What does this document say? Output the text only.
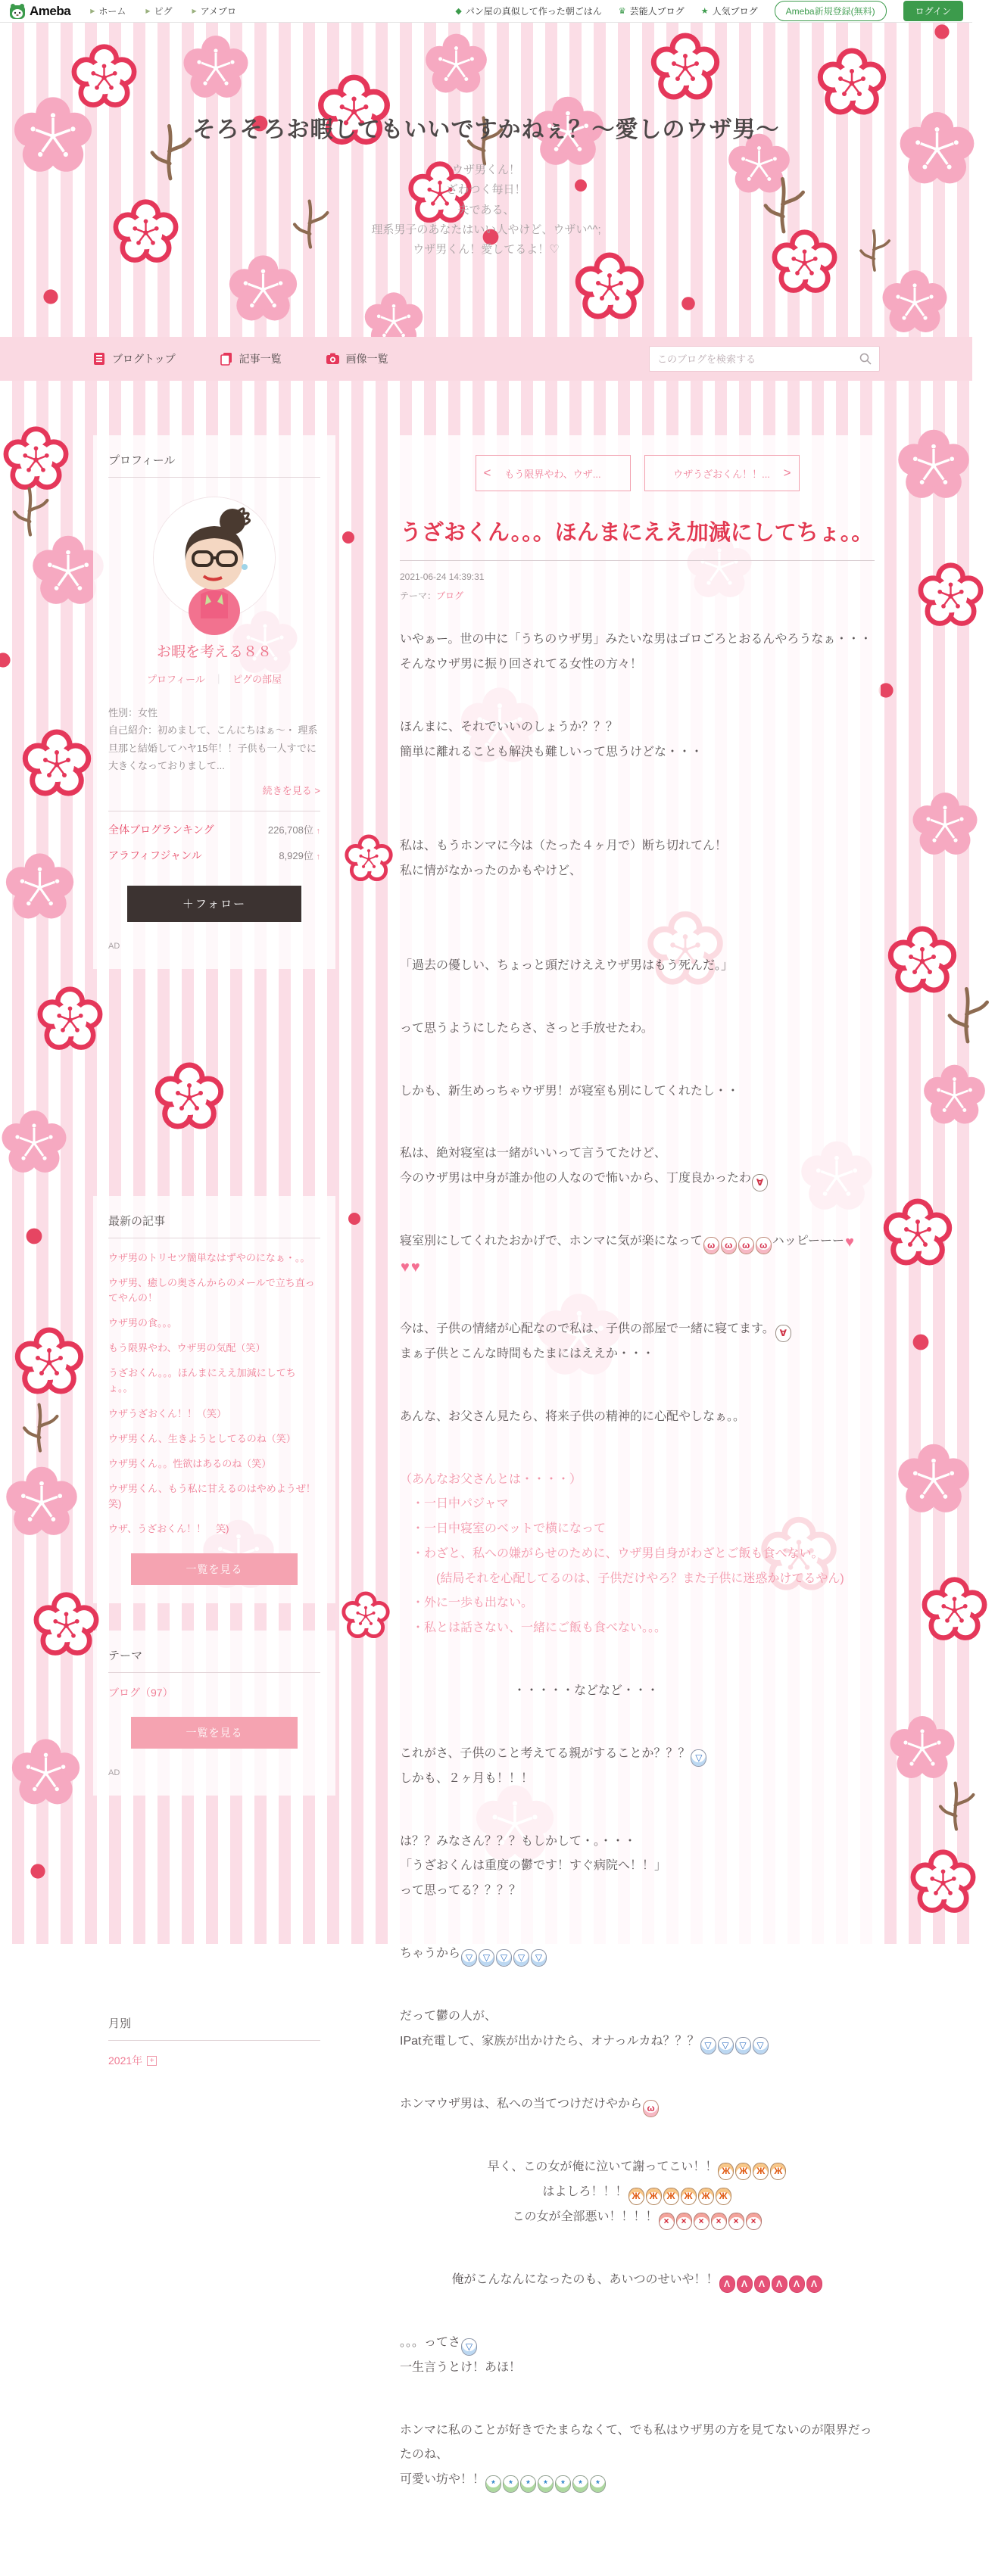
Ameba	▶ ホーム	▶ ピグ	▶ アメブロ	◆ パン屋の真似して作った朝ごはん ♛ 芸能人ブログ ★ 人気ブログ	Ameba新規登録(無料)	ログイン
そろそろお暇してもいいですかねぇ？〜愛しのウザ男〜
ウザ男くん！
ざわつく毎日！
夫である、
理系男子のあなたはいい人やけど、ウザい^^;
ウザ男くん！愛してるよ！♡
ブログトップ	記事一覧	画像一覧
このブログを検索する
プロフィール
お暇を考える８８
プロフィール ｜ ピグの部屋
性別：女性
自己紹介：初めまして、こんにちはぁ〜・ 理系旦那と結婚してハヤ15年！！子供も一人すでに大きくなっておりまして...
続きを見る >
全体ブログランキング	226,708位 ↑
アラフィフジャンル	8,929位 ↑
＋フォロー
AD
最新の記事
ウザ男のトリセツ簡単なはずやのになぁ・。。
ウザ男、癒しの奥さんからのメールで立ち直ってやんの！
ウザ男の食。。。
もう限界やわ、ウザ男の気配（笑）
うざおくん。。。ほんまにええ加減にしてちょ。。
ウザうざおくん！！（笑）
ウザ男くん、生きようとしてるのね（笑）
ウザ男くん。。性欲はあるのね（笑）
ウザ男くん、もう私に甘えるのはやめようぜ！笑)
ウザ、うざおくん！！　笑)
一覧を見る
テーマ
ブログ（97）
一覧を見る
AD
月別
2021年 +
< もう限界やわ、ウザ...	ウザうざおくん！！... >
うざおくん。。。ほんまにええ加減にしてちょ。。
2021-06-24 14:39:31
テーマ：ブログ

いやぁー。世の中に「うちのウザ男」みたいな男はゴロごろとおるんやろうなぁ・・・
そんなウザ男に振り回されてる女性の方々！

ほんまに、それでいいのしょうか？？？
簡単に離れることも解決も難しいって思うけどな・・・

私は、もうホンマに今は（たった４ヶ月で）断ち切れてん！
私に情がなかったのかもやけど、

「過去の優しい、ちょっと頭だけええウザ男はもう死んだ。」

って思うようにしたらさ、さっと手放せたわ。

しかも、新生めっちゃウザ男！が寝室も別にしてくれたし・・

私は、絶対寝室は一緒がいいって言うてたけど、
今のウザ男は中身が誰か他の人なので怖いから、丁度良かったわ ∀

寝室別にしてくれたおかげで、ホンマに気が楽になって ω ω ω ω ハッピーーー♥
♥ ♥

今は、子供の情緒が心配なので私は、子供の部屋で一緒に寝てます。 ∀
まぁ子供とこんな時間もたまにはええか・・・

あんな、お父さん見たら、将来子供の精神的に心配やしなぁ。。

（あんなお父さんとは・・・・）
　・一日中パジャマ
　・一日中寝室のベットで横になって
　・わざと、私への嫌がらせのために、ウザ男自身がわざとご飯も食べない。
　　　(結局それを心配してるのは、子供だけやろ？また子供に迷惑かけてるやん)
　・外に一歩も出ない。
　・私とは話さない、一緒にご飯も食べない。。。

・・・・・などなど・・・

これがさ、子供のこと考えてる親がすることか？？？ ▽
しかも、２ヶ月も！！！

は？？みなさん？？？もしかして・。・・・
「うざおくんは重度の鬱です！すぐ病院へ！！」
って思ってる？？？？

ちゃうから ▽ ▽ ▽ ▽ ▽

だって鬱の人が、
IPat充電して、家族が出かけたら、オナっルカね？？？ ▽ ▽ ▽ ▽

ホンマウザ男は、私への当てつけだけやから ω

早く、この女が俺に泣いて謝ってこい！！ Ж Ж Ж Ж
はよしろ！！！ Ж Ж Ж Ж Ж Ж
この女が全部悪い！！！！ × × × × × ×

俺がこんなんになったのも、あいつのせいや！！ Λ Λ Λ Λ Λ Λ

。。。ってさ ▽
一生言うとけ！あほ！

ホンマに私のことが好きでたまらなくて、でも私はウザ男の方を見てないのが限界だったのね、
可愛い坊や！！ * * * * * * *
